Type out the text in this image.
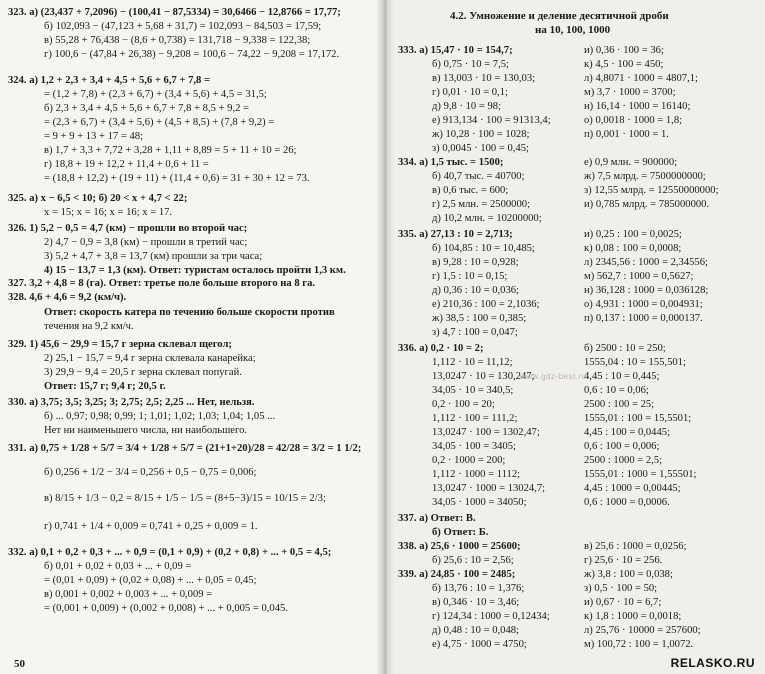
323. а) (23,437 + 7,2096) − (100,41 − 87,5334) = 30,6466 − 12,8766 = 17,77;
б) 102,093 − (47,123 + 5,68 + 31,7) = 102,093 − 84,503 = 17,59;
в) 55,28 + 76,438 − (8,6 + 0,738) = 131,718 − 9,338 = 122,38;
г) 100,6 − (47,84 + 26,38) − 9,208 = 100,6 − 74,22 − 9,208 = 17,172.
324. а) 1,2 + 2,3 + 3,4 + 4,5 + 5,6 + 6,7 + 7,8 =
= (1,2 + 7,8) + (2,3 + 6,7) + (3,4 + 5,6) + 4,5 = 31,5;
б) 2,3 + 3,4 + 4,5 + 5,6 + 6,7 + 7,8 + 8,5 + 9,2 =
= (2,3 + 6,7) + (3,4 + 5,6) + (4,5 + 8,5) + (7,8 + 9,2) =
= 9 + 9 + 13 + 17 = 48;
в) 1,7 + 3,3 + 7,72 + 3,28 + 1,11 + 8,89 = 5 + 11 + 10 = 26;
г) 18,8 + 19 + 12,2 + 11,4 + 0,6 + 11 =
= (18,8 + 12,2) + (19 + 11) + (11,4 + 0,6) = 31 + 30 + 12 = 73.
325. а) x − 6,5 < 10; б) 20 < x + 4,7 < 22;
x = 15; x = 16; x = 16; x = 17.
326. 1) 5,2 − 0,5 = 4,7 (км) − прошли во второй час;
2) 4,7 − 0,9 = 3,8 (км) − прошли в третий час;
3) 5,2 + 4,7 + 3,8 = 13,7 (км) прошли за три часа;
4) 15 − 13,7 = 1,3 (км). Ответ: туристам осталось пройти 1,3 км.
327. 3,2 + 4,8 = 8 (га). Ответ: третье поле больше второго на 8 га.
328. 4,6 + 4,6 = 9,2 (км/ч).
Ответ: скорость катера по течению больше скорости против
течения на 9,2 км/ч.
329. 1) 45,6 − 29,9 = 15,7 г зерна склевал щегол;
2) 25,1 − 15,7 = 9,4 г зерна склевала канарейка;
3) 29,9 − 9,4 = 20,5 г зерна склевал попугай.
Ответ: 15,7 г; 9,4 г; 20,5 г.
330. а) 3,75; 3,5; 3,25; 3; 2,75; 2,5; 2,25 ... Нет, нельзя.
б) ... 0,97; 0,98; 0,99; 1; 1,01; 1,02; 1,03; 1,04; 1,05 ...
Нет ни наименьшего числа, ни наибольшего.
331. а) 0,75 + 1/28 + 5/7 = 3/4 + 1/28 + 5/7 = (21+1+20)/28 = 42/28 = 3/2 = 1 1/2;
б) 0,256 + 1/2 − 3/4 = 0,256 + 0,5 − 0,75 = 0,006;
в) 8/15 + 1/3 − 0,2 = 8/15 + 1/5 − 1/5 = (8+5−3)/15 = 10/15 = 2/3;
г) 0,741 + 1/4 + 0,009 = 0,741 + 0,25 + 0,009 = 1.
332. а) 0,1 + 0,2 + 0,3 + ... + 0,9 = (0,1 + 0,9) + (0,2 + 0,8) + ... + 0,5 = 4,5;
б) 0,01 + 0,02 + 0,03 + ... + 0,09 =
= (0,01 + 0,09) + (0,02 + 0,08) + ... + 0,05 = 0,45;
в) 0,001 + 0,002 + 0,003 + ... + 0,009 =
= (0,001 + 0,009) + (0,002 + 0,008) + ... + 0,005 = 0,045.
4.2. Умножение и деление десятичной дроби
на 10, 100, 1000
333. а) 15,47 · 10 = 154,7;
б) 0,75 · 10 = 7,5;
в) 13,003 · 10 = 130,03;
г) 0,01 · 10 = 0,1;
д) 9,8 · 10 = 98;
е) 913,134 · 100 = 91313,4;
ж) 10,28 · 100 = 1028;
з) 0,0045 · 100 = 0,45;
334. а) 1,5 тыс. = 1500;
б) 40,7 тыс. = 40700;
в) 0,6 тыс. = 600;
г) 2,5 млн. = 2500000;
д) 10,2 млн. = 10200000;
335. а) 27,13 : 10 = 2,713;
б) 104,85 : 10 = 10,485;
в) 9,28 : 10 = 0,928;
г) 1,5 : 10 = 0,15;
д) 0,36 : 10 = 0,036;
е) 210,36 : 100 = 2,1036;
ж) 38,5 : 100 = 0,385;
з) 4,7 : 100 = 0,047;
336. а) 0,2 · 10 = 2;
1,112 · 10 = 11,12;
13,0247 · 10 = 130,247;
34,05 · 10 = 340,5;
0,2 · 100 = 20;
1,112 · 100 = 111,2;
13,0247 · 100 = 1302,47;
34,05 · 100 = 3405;
0,2 · 1000 = 200;
1,112 · 1000 = 1112;
13,0247 · 1000 = 13024,7;
34,05 · 1000 = 34050;
337. а) Ответ: В.
б) Ответ: Б.
338. а) 25,6 · 1000 = 25600;
б) 25,6 : 10 = 2,56;
339. а) 24,85 · 100 = 2485;
б) 13,76 : 10 = 1,376;
в) 0,346 · 10 = 3,46;
г) 124,34 : 1000 = 0,12434;
д) 0,48 : 10 = 0,048;
е) 4,75 · 1000 = 4750;
и) 0,36 · 100 = 36;
к) 4,5 · 100 = 450;
л) 4,8071 · 1000 = 4807,1;
м) 3,7 · 1000 = 3700;
н) 16,14 · 1000 = 16140;
о) 0,0018 · 1000 = 1,8;
п) 0,001 · 1000 = 1.
е) 0,9 млн. = 900000;
ж) 7,5 млрд. = 7500000000;
з) 12,55 млрд. = 12550000000;
и) 0,785 млрд. = 785000000.
и) 0,25 : 100 = 0,0025;
к) 0,08 : 100 = 0,0008;
л) 2345,56 : 1000 = 2,34556;
м) 562,7 : 1000 = 0,5627;
н) 36,128 : 1000 = 0,036128;
о) 4,931 : 1000 = 0,004931;
п) 0,137 : 1000 = 0,000137.
б) 2500 : 10 = 250;
1555,04 : 10 = 155,501;
4,45 : 10 = 0,445;
0,6 : 10 = 0,06;
2500 : 100 = 25;
1555,01 : 100 = 15,5501;
4,45 : 100 = 0,0445;
0,6 : 100 = 0,006;
2500 : 1000 = 2,5;
1555,01 : 1000 = 1,55501;
4,45 : 1000 = 0,00445;
0,6 : 1000 = 0,0006.
в) 25,6 : 1000 = 0,0256;
г) 25,6 · 10 = 256.
ж) 3,8 : 100 = 0,038;
з) 0,5 · 100 = 50;
и) 0,67 · 10 = 6,7;
к) 1,8 : 1000 = 0,0018;
л) 25,76 · 10000 = 257600;
м) 100,72 : 100 = 1,0072.
www.gdz-best.ru
50	RELASKO.RU
